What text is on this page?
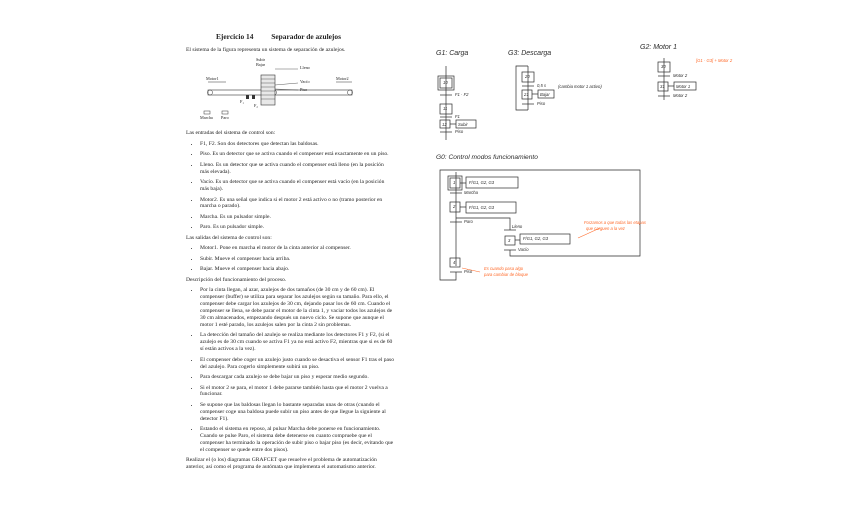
Ejercicio 14 Separador de azulejos

El sistema de la figura representa un sistema de separación de azulejos.

Subir
Bajar
Lleno
Vacío
Piso
Motor1	Motor2
F₁
F₂
Marcha Paro

Las entradas del sistema de control son:

• F1, F2. Son dos detectores que detectan las baldosas.
• Piso. Es un detector que se activa cuando el compenser está exactamente en un piso.
• Lleno. Es un detector que se activa cuando el compenser está lleno (en la posición más elevada).
• Vacío. Es un detector que se activa cuando el compenser está vacío (en la posición más baja).
• Motor2. Es una señal que indica si el motor 2 está activo o no (tramo posterior en marcha o parado).
• Marcha. Es un pulsador simple.
• Paro. Es un pulsador simple.

Las salidas del sistema de control son:

• Motor1. Pone en marcha el motor de la cinta anterior al compenser.
• Subir. Mueve el compenser hacia arriba.
• Bajar. Mueve el compenser hacia abajo.

Descripción del funcionamiento del proceso.

• Por la cinta llegan, al azar, azulejos de dos tamaños (de 30 cm y de 60 cm). El compenser (buffer) se utiliza para separar los azulejos según su tamaño. Para ello, el compenser debe cargar los azulejos de 30 cm, dejando pasar los de 60 cm. Cuando el compenser se llena, se debe parar el motor de la cinta 1, y vaciar todos los azulejos de 30 cm almacenados, empezando después un nuevo ciclo. Se supone que aunque el motor 1 esté parado, los azulejos salen por la cinta 2 sin problemas.
• La detección del tamaño del azulejo se realiza mediante los detectores F1 y F2, (si el azulejo es de 30 cm cuando se activa F1 ya no está activo F2, mientras que si es de 60 sí están activos a la vez).
• El compenser debe coger un azulejo justo cuando se desactiva el sensor F1 tras el paso del azulejo. Para cogerlo simplemente subirá un piso.
• Para descargar cada azulejo se debe bajar un piso y esperar medio segundo.
• Si el motor 2 se para, el motor 1 debe pararse también hasta que el motor 2 vuelva a funcionar.
• Se supone que las baldosas llegan lo bastante separadas unas de otras (cuando el compenser coge una baldosa puede subir un piso antes de que llegue la siguiente al detector F1).
• Estando el sistema en reposo, al pulsar Marcha debe ponerse en funcionamiento. Cuando se pulse Paro, el sistema debe detenerse en cuanto compruebe que el compenser ha terminado la operación de subir piso o bajar piso (es decir, evitando que el compenser se quede entre dos pisos).

Realizar el (o los) diagramas GRAFCET que resuelve el problema de automatización anterior, así como el programa de autómata que implementa el automatismo anterior.

G1: Carga
10
F1 · F2
11
F1
12	Subir
Piso
G3: Descarga
20
0,5 s
21	Bajar
(cambia motor 1 activo)
Piso
G2: Motor 1
30
Motor 2
31	Motor 1
Motor 2
[G1 · G3] + Motor 2
G0: Control modos funcionamiento
1	F/G1, G2, G3
Marcha
2	F/G1, G2, G3
Paro
Lleno
3	F/G1, G2, G3
Forzamos a que todas las etapas
que carguen a la vez
Vacío
4
Piso
Es cuando pasa algo
para cambiar de bloque
